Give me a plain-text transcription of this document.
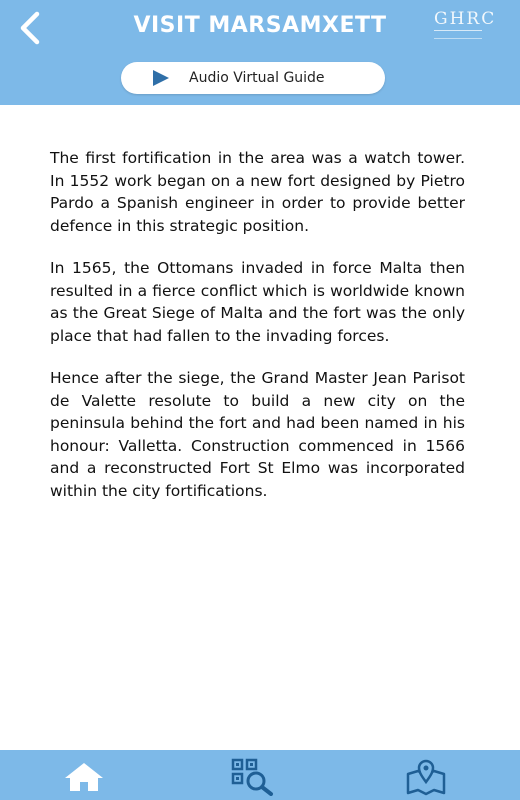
VISIT MARSAMXETT	GHRC
Audio Virtual Guide

The first fortification in the area was a watch tower. In 1552 work began on a new fort designed by Pietro Pardo a Spanish engineer in order to provide better defence in this strategic position.

In 1565, the Ottomans invaded in force Malta then resulted in a fierce conflict which is worldwide known as the Great Siege of Malta and the fort was the only place that had fallen to the invading forces.

Hence after the siege, the Grand Master Jean Parisot de Valette resolute to build a new city on the peninsula behind the fort and had been named in his honour: Valletta. Construction commenced in 1566 and a reconstructed Fort St Elmo was incorporated within the city fortifications.
